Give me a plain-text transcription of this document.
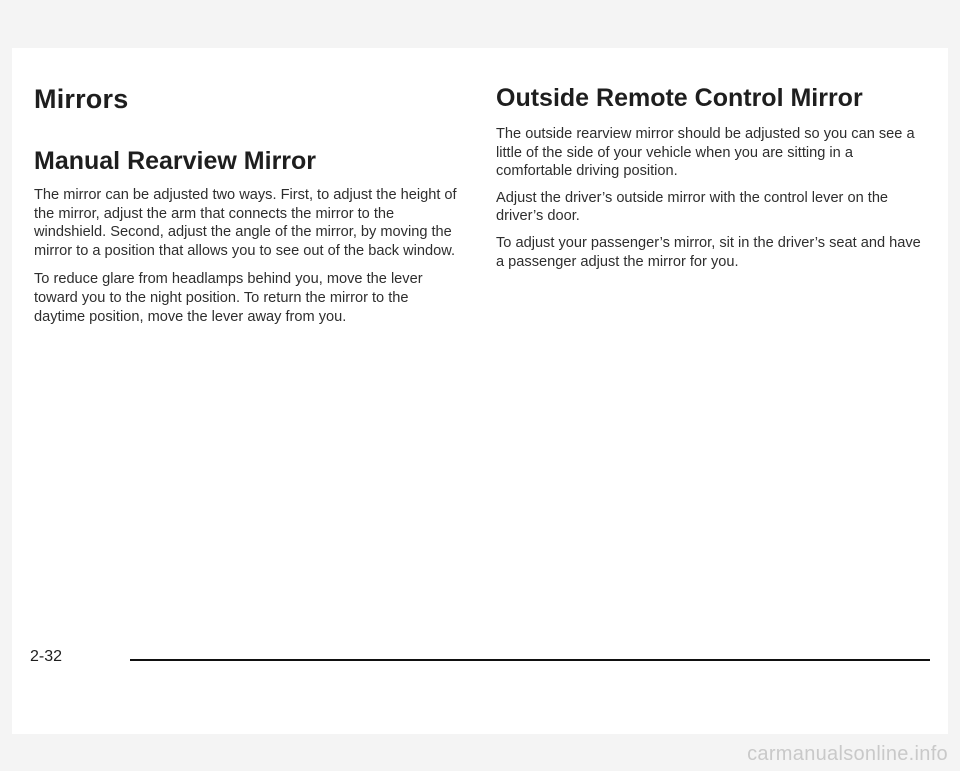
Mirrors
Manual Rearview Mirror

The mirror can be adjusted two ways. First, to adjust the height of the mirror, adjust the arm that connects the mirror to the windshield. Second, adjust the angle of the mirror, by moving the mirror to a position that allows you to see out of the back window.

To reduce glare from headlamps behind you, move the lever toward you to the night position. To return the mirror to the daytime position, move the lever away from you.

Outside Remote Control Mirror

The outside rearview mirror should be adjusted so you can see a little of the side of your vehicle when you are sitting in a comfortable driving position.

Adjust the driver’s outside mirror with the control lever on the driver’s door.

To adjust your passenger’s mirror, sit in the driver’s seat and have a passenger adjust the mirror for you.

2-32
carmanualsonline.info
